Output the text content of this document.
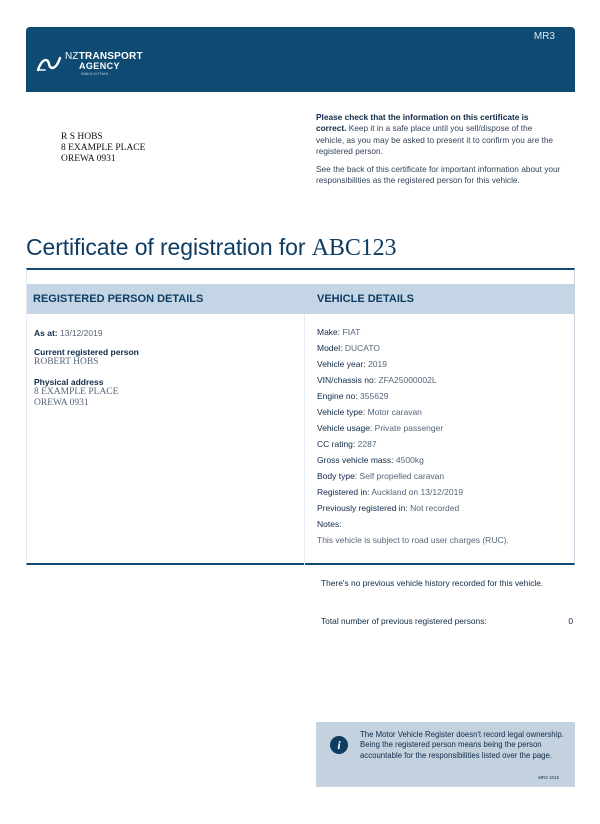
MR3
NZTRANSPORT
AGENCY
WAKA KOTAHI
R S HOBS
8 EXAMPLE PLACE
OREWA 0931

Please check that the information on this certificate is correct. Keep it in a safe place until you sell/dispose of the vehicle, as you may be asked to present it to confirm you are the registered person.

See the back of this certificate for important information about your responsibilities as the registered person for this vehicle.

Certificate of registration for ABC123
REGISTERED PERSON DETAILS	VEHICLE DETAILS
As at: 13/12/2019
Current registered person
ROBERT HOBS
Physical address
8 EXAMPLE PLACE
OREWA 0931
Make: FIAT
Model: DUCATO
Vehicle year: 2019
VIN/chassis no: ZFA25000002L
Engine no: 355629
Vehicle type: Motor caravan
Vehicle usage: Private passenger
CC rating: 2287
Gross vehicle mass: 4500kg
Body type: Self propelled caravan
Registered in: Auckland on 13/12/2019
Previously registered in: Not recorded
Notes:
This vehicle is subject to road user charges (RUC).
There's no previous vehicle history recorded for this vehicle.
Total number of previous registered persons:	0
i
The Motor Vehicle Register doesn't record legal ownership. Being the registered person means being the person accountable for the responsibilities listed over the page.
MR3 1016
